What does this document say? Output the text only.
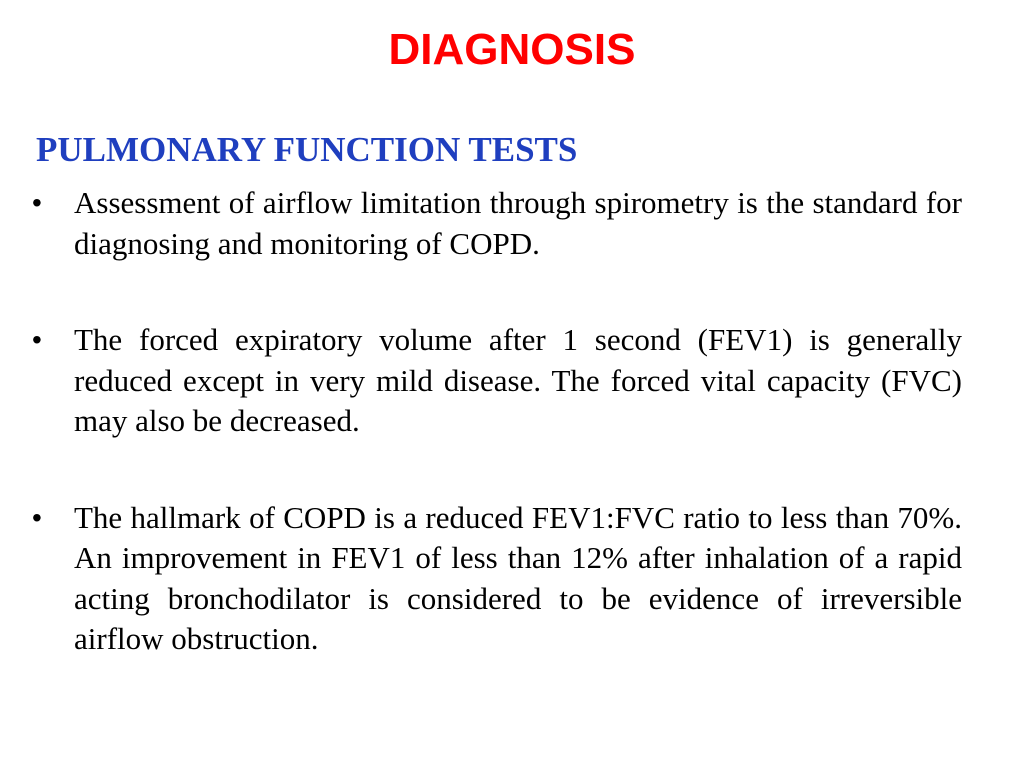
DIAGNOSIS
PULMONARY FUNCTION TESTS
• Assessment of airflow limitation through spirometry is the standard for diagnosing and monitoring of COPD.
• The forced expiratory volume after 1 second (FEV1) is generally reduced except in very mild disease. The forced vital capacity (FVC) may also be decreased.
• The hallmark of COPD is a reduced FEV1:FVC ratio to less than 70%. An improvement in FEV1 of less than 12% after inhalation of a rapid acting bronchodilator is considered to be evidence of irreversible airflow obstruction.
